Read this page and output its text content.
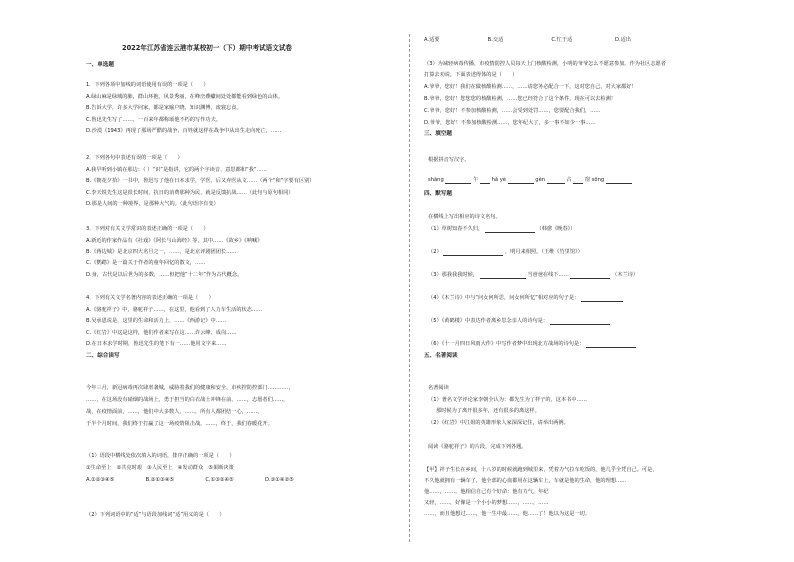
2022年江苏省连云港市某校初一（下）期中考试语文试卷
一、单选题
1．下列各项中加线的词语使用有误的一项是（　　）
A.绿山麻是绿城的肺，群山环抱，风景秀丽，在峰峦叠巘间处处都能看到绿色的山体。
B.告诉大学，许多大学问家，都是家喻户晓，知识渊博，废寝忘食。
C.鲁迅先生写了……，一百来年都称颂他不朽的写作功夫。
D.沙漠《1943》再现了那场严酷的战争，百姓就这样在战争中从出生走向死亡，……
2．下列各句中表述有误的一项是（　　）
A.我早听到小镇在那边：（ ）“识”是指讲，它的两个字读音、意思都和“我”……
B.《朝花夕拾》一书中，鲁迅写了他在日本求学，学医，后又弃医从文……（两个“和”字要有区别）
C.李天锐先生这是很长时间，抗日的消费那种为民，就是反馈抗战……（此句与原句相同）
D.那是人间的一种境界，是那种大气的。（此句语序有变）
3．下列对有关文学常识的表述正确的一项是（　　）
A.新近的作家作品有《社戏》《阿长与山海经》等，其中……《故乡》《呐喊》
B.《蒋边城》是北京四大名旦之一，……，是北京评剧团团长……
C.《鹦鹉》是一篇关于作者的童年回忆的散文，……
D.身，古代是以后世为的多数，……但把他“十二年”作为古代概念。
4．下列有关文学名著内容的表述正确的一项是（　　）
A.《骆驼祥子》中，骆驼祥子……，在这里，他看到了人力车生活的状态……
B.吴承恩说是，这里的生命和活力上，……《西游记》中……
C.《红岩》中这是这样，他们作者来写在这……许云峰、成岗……
D.在日本求学时期，鲁迅先生的笔下有一……他用文字来……
二、综合读写
今年三月，新冠病毒再次肆虐袭城，威胁着我们的健康和安全，市疾控防控部门…………，
……，在这场没有硝烟的战场上，勇于担当的白衣战士冲锋在前，……，志愿者们……，
战，在疫情面前，……，他们中大多数人，……，所有人都团结一心，……，
于半个月时间，我们终于打赢了这一场疫情阻击战，……，终于，我们春暖花开。
（1）语段中横线处依次填入的词语，排序正确的一项是（　　）
①生命至上　②共克时艰　③人民至上　④发动群众　⑤果断决策
A.①②③④⑤	B.②①③④⑤	C.①③②④⑤	D.③①④②⑤
（2）下列词语中的“适”与语段加线词“适”用义的是（　　）
A.适要	B.交适	C.忙于适	D.适出
（3）为减轻病毒传播，市疫情防控人员每天上门核酸检测，小明的爷爷怎么不愿意参加。作为社区志愿者
打算去劝说，下面表述得体的是（　　）
A.爷爷，您好！我们在做核酸检测……，……请您务必配合一下，这对您自己，对大家都好！
B.爷爷，您好！您您您的核酸检测，……您已经符合了这个条件，现在可以去检测！
C.爷爷，您好！不参加核酸检测，……会受到处罚……，您要配合我们，……
D.爷爷，您好！不参加核酸检测……，您年纪大了，多一事不如少一事……
三、填空题
根据拼音写汉字。
shāng	午	hǎ yè	gèn	古	窗 sōng
四、默写题
在横线上写出相应的诗文名句。
（1）草树知春不久归，	（韩愈《晚春》）
（2）	，明月来相照。（王维《竹里馆》）
（3）那我我我时候，	当爸爸在线下……	（木兰诗）
（4）《木兰诗》中与“问女何所思，问女何所忆”相对应的句子是：
（5）《黄鹤楼》中表达作者离乡思念亲人的诗句是：
（6）《十一月四日风雨大作》中写作者梦中出现北方战场的诗句是：
五、名著阅读
名著阅读
（1）著名文学评论家李朝全认为：都先生为了样子的，这本书中……
那时候为了离开很多年，还有很多的离这样。
（2）《红岩》中江姐的英雄形象人家深深记住，请举出两例。
阅读《骆驼祥子》的片段，完成下列各题。
【甲】祥子生长在乡间，十八岁的时候就跑到城里来，凭着力气拉车吃饭的，他几乎全凭自己。可是，
不久他就拥有一辆车了，他全部的心血都用在这辆车上，车就是他的生命，他的理想……
他……，……。他相信自己有个好命：他有力气，年纪
又轻，……，好像是一个小小的梦想……，……，……
……，而且他想过……，他一生中最……。他……了！他以为这是一切。
